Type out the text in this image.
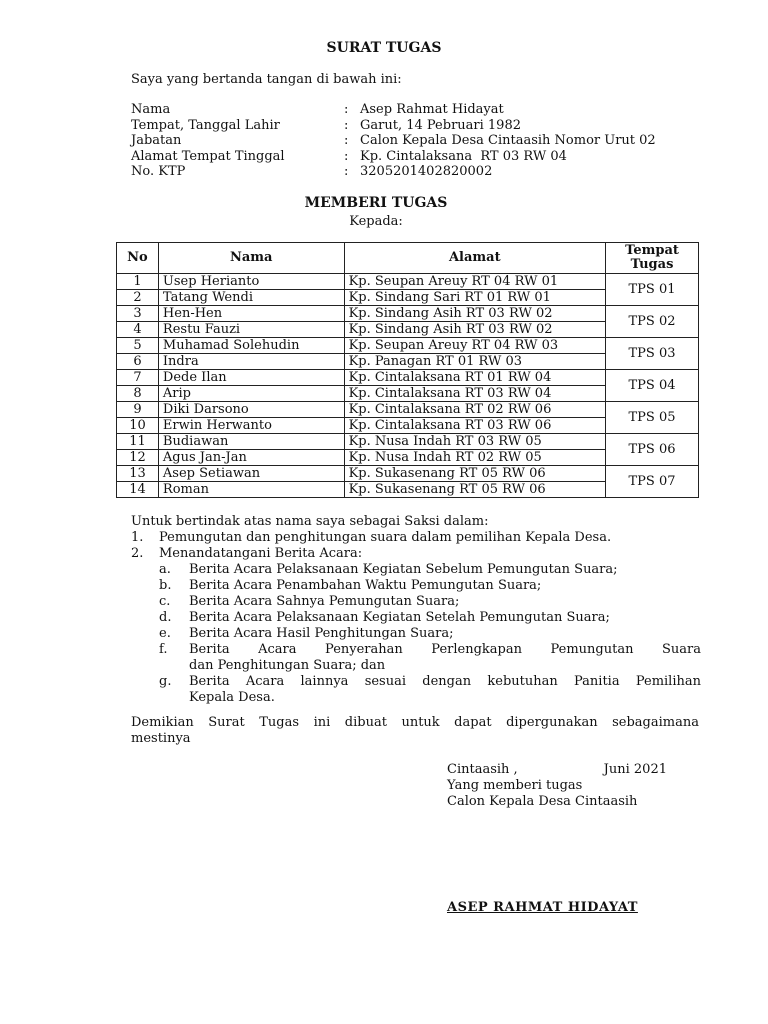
SURAT TUGAS
Saya yang bertanda tangan di bawah ini:
Nama	: Asep Rahmat Hidayat
Tempat, Tanggal Lahir	: Garut, 14 Pebruari 1982
Jabatan	: Calon Kepala Desa Cintaasih Nomor Urut 02
Alamat Tempat Tinggal	: Kp. Cintalaksana  RT 03 RW 04
No. KTP	: 3205201402820002
MEMBERI TUGAS
Kepada:
No	Nama	Alamat	Tempat Tugas
1	Usep Herianto	Kp. Seupan Areuy RT 04 RW 01	TPS 01
2	Tatang Wendi	Kp. Sindang Sari RT 01 RW 01	
3	Hen-Hen	Kp. Sindang Asih RT 03 RW 02	TPS 02
4	Restu Fauzi	Kp. Sindang Asih RT 03 RW 02	
5	Muhamad Solehudin	Kp. Seupan Areuy RT 04 RW 03	TPS 03
6	Indra	Kp. Panagan RT 01 RW 03	
7	Dede Ilan	Kp. Cintalaksana RT 01 RW 04	TPS 04
8	Arip	Kp. Cintalaksana RT 03 RW 04	
9	Diki Darsono	Kp. Cintalaksana RT 02 RW 06	TPS 05
10	Erwin Herwanto	Kp. Cintalaksana RT 03 RW 06	
11	Budiawan	Kp. Nusa Indah RT 03 RW 05	TPS 06
12	Agus Jan-Jan	Kp. Nusa Indah RT 02 RW 05	
13	Asep Setiawan	Kp. Sukasenang RT 05 RW 06	TPS 07
14	Roman	Kp. Sukasenang RT 05 RW 06	
Untuk bertindak atas nama saya sebagai Saksi dalam:
1.	Pemungutan dan penghitungan suara dalam pemilihan Kepala Desa.
2.	Menandatangani Berita Acara:
a.	Berita Acara Pelaksanaan Kegiatan Sebelum Pemungutan Suara;
b.	Berita Acara Penambahan Waktu Pemungutan Suara;
c.	Berita Acara Sahnya Pemungutan Suara;
d.	Berita Acara Pelaksanaan Kegiatan Setelah Pemungutan Suara;
e.	Berita Acara Hasil Penghitungan Suara;
f.	Berita Acara Penyerahan Perlengkapan Pemungutan Suara
dan Penghitungan Suara; dan
g.	Berita Acara lainnya sesuai dengan kebutuhan Panitia Pemilihan
Kepala Desa.
Demikian Surat Tugas ini dibuat untuk dapat dipergunakan sebagaimana
mestinya
Cintaasih ,	Juni 2021
Yang memberi tugas
Calon Kepala Desa Cintaasih
ASEP RAHMAT HIDAYAT
